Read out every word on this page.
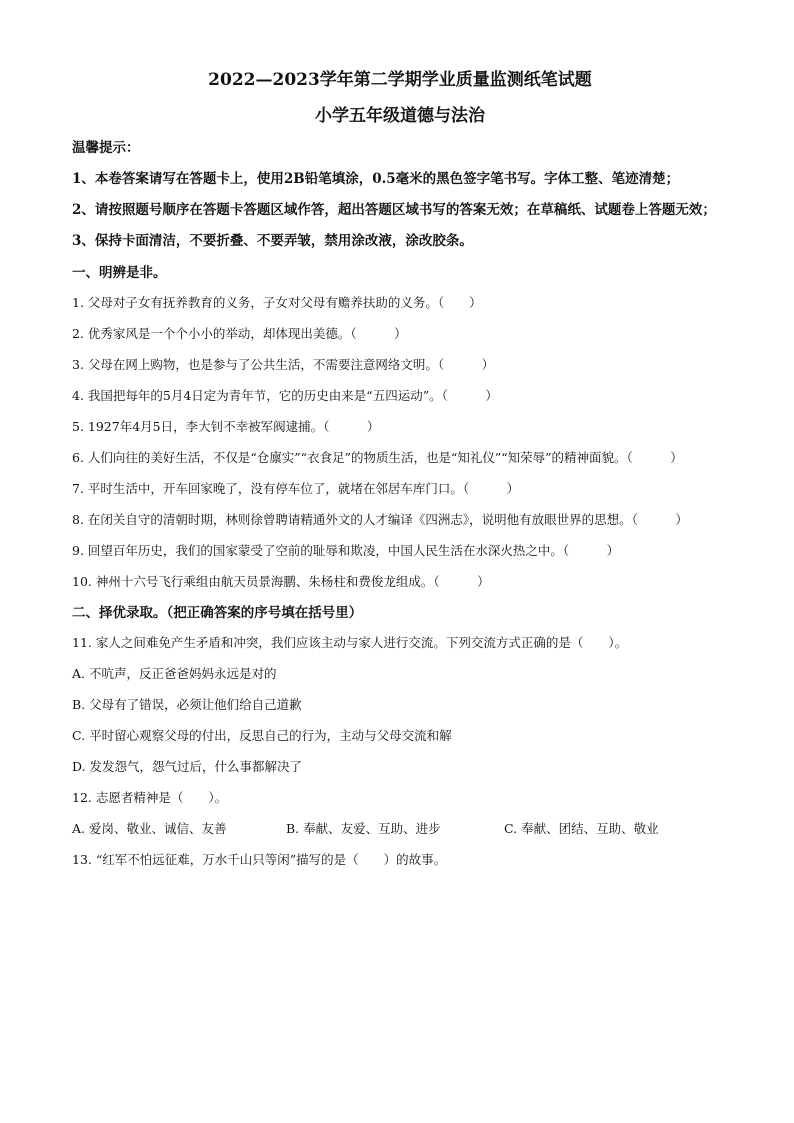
2022—2023学年第二学期学业质量监测纸笔试题
小学五年级道德与法治
温馨提示：

1、本卷答案请写在答题卡上，使用2B铅笔填涂，0.5毫米的黑色签字笔书写。字体工整、笔迹清楚；

2、请按照题号顺序在答题卡答题区域作答，超出答题区域书写的答案无效；在草稿纸、试题卷上答题无效；

3、保持卡面清洁，不要折叠、不要弄皱，禁用涂改液，涂改胶条。

一、明辨是非。

1. 父母对子女有抚养教育的义务，子女对父母有赡养扶助的义务。（　　）

2. 优秀家风是一个个小小的举动，却体现出美德。（　　　）

3. 父母在网上购物，也是参与了公共生活，不需要注意网络文明。（　　　）

4. 我国把每年的5月4日定为青年节，它的历史由来是“五四运动”。（　　　）

5. 1927年4月5日，李大钊不幸被军阀逮捕。（　　　）

6. 人们向往的美好生活，不仅是“仓廪实”“衣食足”的物质生活，也是“知礼仪”“知荣辱”的精神面貌。（　　　）

7. 平时生活中，开车回家晚了，没有停车位了，就堵在邻居车库门口。（　　　）

8. 在闭关自守的清朝时期，林则徐曾聘请精通外文的人才编译《四洲志》，说明他有放眼世界的思想。（　　　）

9. 回望百年历史，我们的国家蒙受了空前的耻辱和欺凌，中国人民生活在水深火热之中。（　　　）

10. 神州十六号飞行乘组由航天员景海鹏、朱杨柱和费俊龙组成。（　　　）

二、择优录取。（把正确答案的序号填在括号里）

11. 家人之间难免产生矛盾和冲突，我们应该主动与家人进行交流。下列交流方式正确的是（　　）。

A. 不吭声，反正爸爸妈妈永远是对的

B. 父母有了错误，必须让他们给自己道歉

C. 平时留心观察父母的付出，反思自己的行为，主动与父母交流和解

D. 发发怨气，怨气过后，什么事都解决了

12. 志愿者精神是（　　）。

A. 爱岗、敬业、诚信、友善	B. 奉献、友爱、互助、进步	C. 奉献、团结、互助、敬业

13. “红军不怕远征难，万水千山只等闲”描写的是（　　）的故事。
